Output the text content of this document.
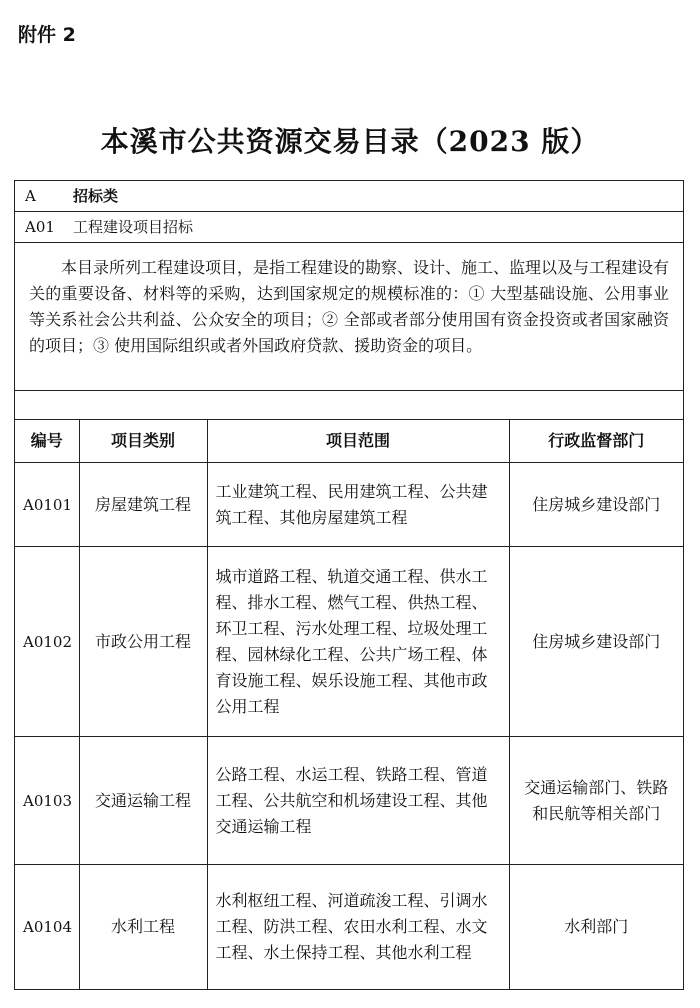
附件 2
本溪市公共资源交易目录（2023 版）
A 招标类
A01 工程建设项目招标
本目录所列工程建设项目，是指工程建设的勘察、设计、施工、监理以及与工程建设有关的重要设备、材料等的采购，达到国家规定的规模标准的：① 大型基础设施、公用事业等关系社会公共利益、公众安全的项目；② 全部或者部分使用国有资金投资或者国家融资的项目；③ 使用国际组织或者外国政府贷款、援助资金的项目。
编号	项目类别	项目范围	行政监督部门
A0101	房屋建筑工程	工业建筑工程、民用建筑工程、公共建筑工程、其他房屋建筑工程	住房城乡建设部门
A0102	市政公用工程	城市道路工程、轨道交通工程、供水工程、排水工程、燃气工程、供热工程、环卫工程、污水处理工程、垃圾处理工程、园林绿化工程、公共广场工程、体育设施工程、娱乐设施工程、其他市政公用工程	住房城乡建设部门
A0103	交通运输工程	公路工程、水运工程、铁路工程、管道工程、公共航空和机场建设工程、其他交通运输工程	交通运输部门、铁路和民航等相关部门
A0104	水利工程	水利枢纽工程、河道疏浚工程、引调水工程、防洪工程、农田水利工程、水文工程、水土保持工程、其他水利工程	水利部门
